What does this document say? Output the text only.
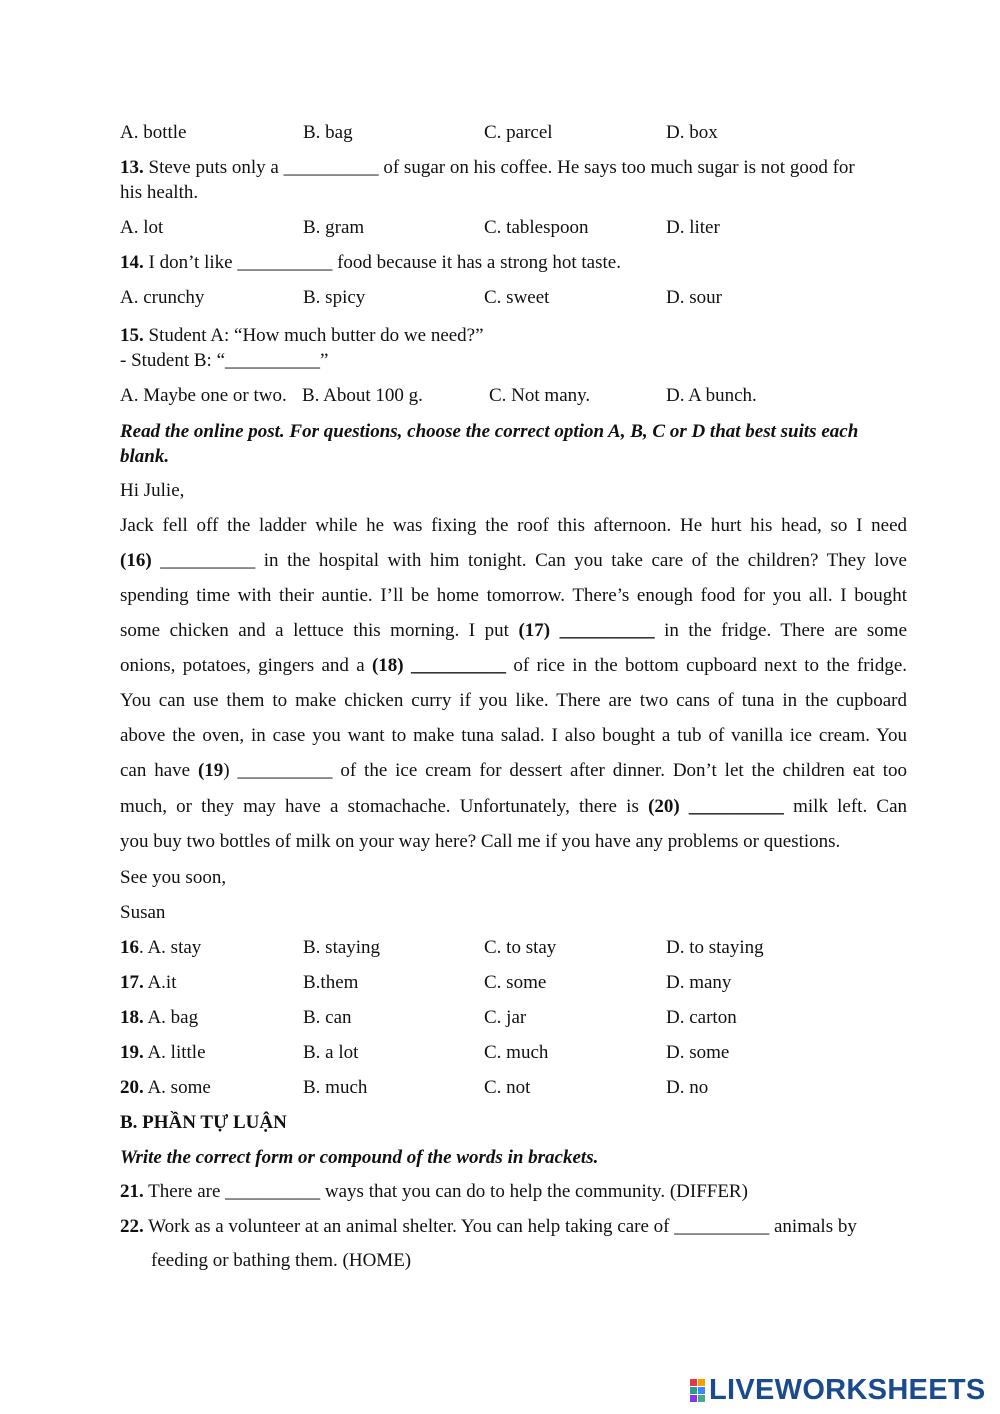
A. bottle	B. bag	C. parcel	D. box
13. Steve puts only a __________ of sugar on his coffee. He says too much sugar is not good for
his health.
A. lot	B. gram	C. tablespoon	D. liter
14. I don’t like __________ food because it has a strong hot taste.
A. crunchy	B. spicy	C. sweet	D. sour
15. Student A: “How much butter do we need?”
- Student B: “__________”
A. Maybe one or two. B. About 100 g.	C. Not many.	D. A bunch.
Read the online post. For questions, choose the correct option A, B, C or D that best suits each
blank.
Hi Julie,
Jack fell off the ladder while he was fixing the roof this afternoon. He hurt his head, so I need
(16) __________ in the hospital with him tonight. Can you take care of the children? They love
spending time with their auntie. I’ll be home tomorrow. There’s enough food for you all. I bought
some chicken and a lettuce this morning. I put (17) __________ in the fridge. There are some
onions, potatoes, gingers and a (18) __________ of rice in the bottom cupboard next to the fridge.
You can use them to make chicken curry if you like. There are two cans of tuna in the cupboard
above the oven, in case you want to make tuna salad. I also bought a tub of vanilla ice cream. You
can have (19) __________ of the ice cream for dessert after dinner. Don’t let the children eat too
much, or they may have a stomachache. Unfortunately, there is (20) __________ milk left. Can
you buy two bottles of milk on your way here? Call me if you have any problems or questions.
See you soon,
Susan
16. A. stay	B. staying	C. to stay	D. to staying
17. A.it	B.them	C. some	D. many
18. A. bag	B. can	C. jar	D. carton
19. A. little	B. a lot	C. much	D. some
20. A. some	B. much	C. not	D. no
B. PHẦN TỰ LUẬN
Write the correct form or compound of the words in brackets.
21. There are __________ ways that you can do to help the community. (DIFFER)
22. Work as a volunteer at an animal shelter. You can help taking care of __________ animals by
feeding or bathing them. (HOME)
LIVEWORKSHEETS
